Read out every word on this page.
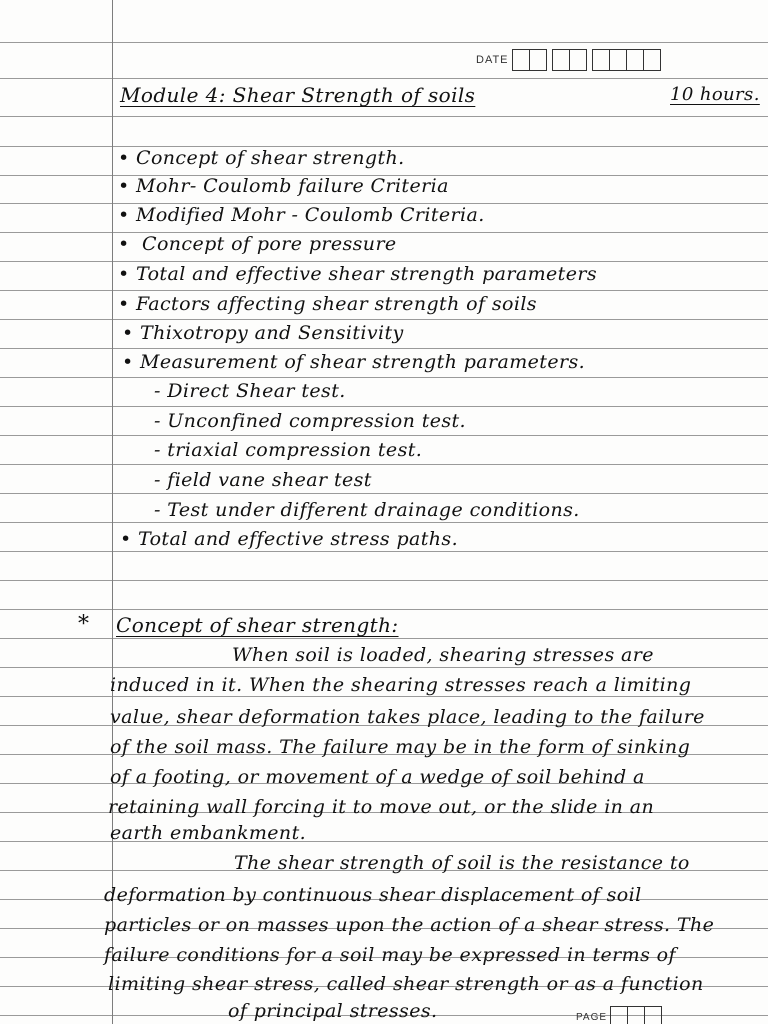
DATE
Module 4: Shear Strength of soils	10 hours.
• Concept of shear strength.
• Mohr- Coulomb failure Criteria
• Modified Mohr - Coulomb Criteria.
• Concept of pore pressure
• Total and effective shear strength parameters
• Factors affecting shear strength of soils
• Thixotropy and Sensitivity
• Measurement of shear strength parameters.
- Direct Shear test.
- Unconfined compression test.
- triaxial compression test.
- field vane shear test
- Test under different drainage conditions.
• Total and effective stress paths.
* Concept of shear strength:
When soil is loaded, shearing stresses are
induced in it. When the shearing stresses reach a limiting
value, shear deformation takes place, leading to the failure
of the soil mass. The failure may be in the form of sinking
of a footing, or movement of a wedge of soil behind a
retaining wall forcing it to move out, or the slide in an
earth embankment.
The shear strength of soil is the resistance to
deformation by continuous shear displacement of soil
particles or on masses upon the action of a shear stress. The
failure conditions for a soil may be expressed in terms of
limiting shear stress, called shear strength or as a function
of principal stresses.	PAGE
